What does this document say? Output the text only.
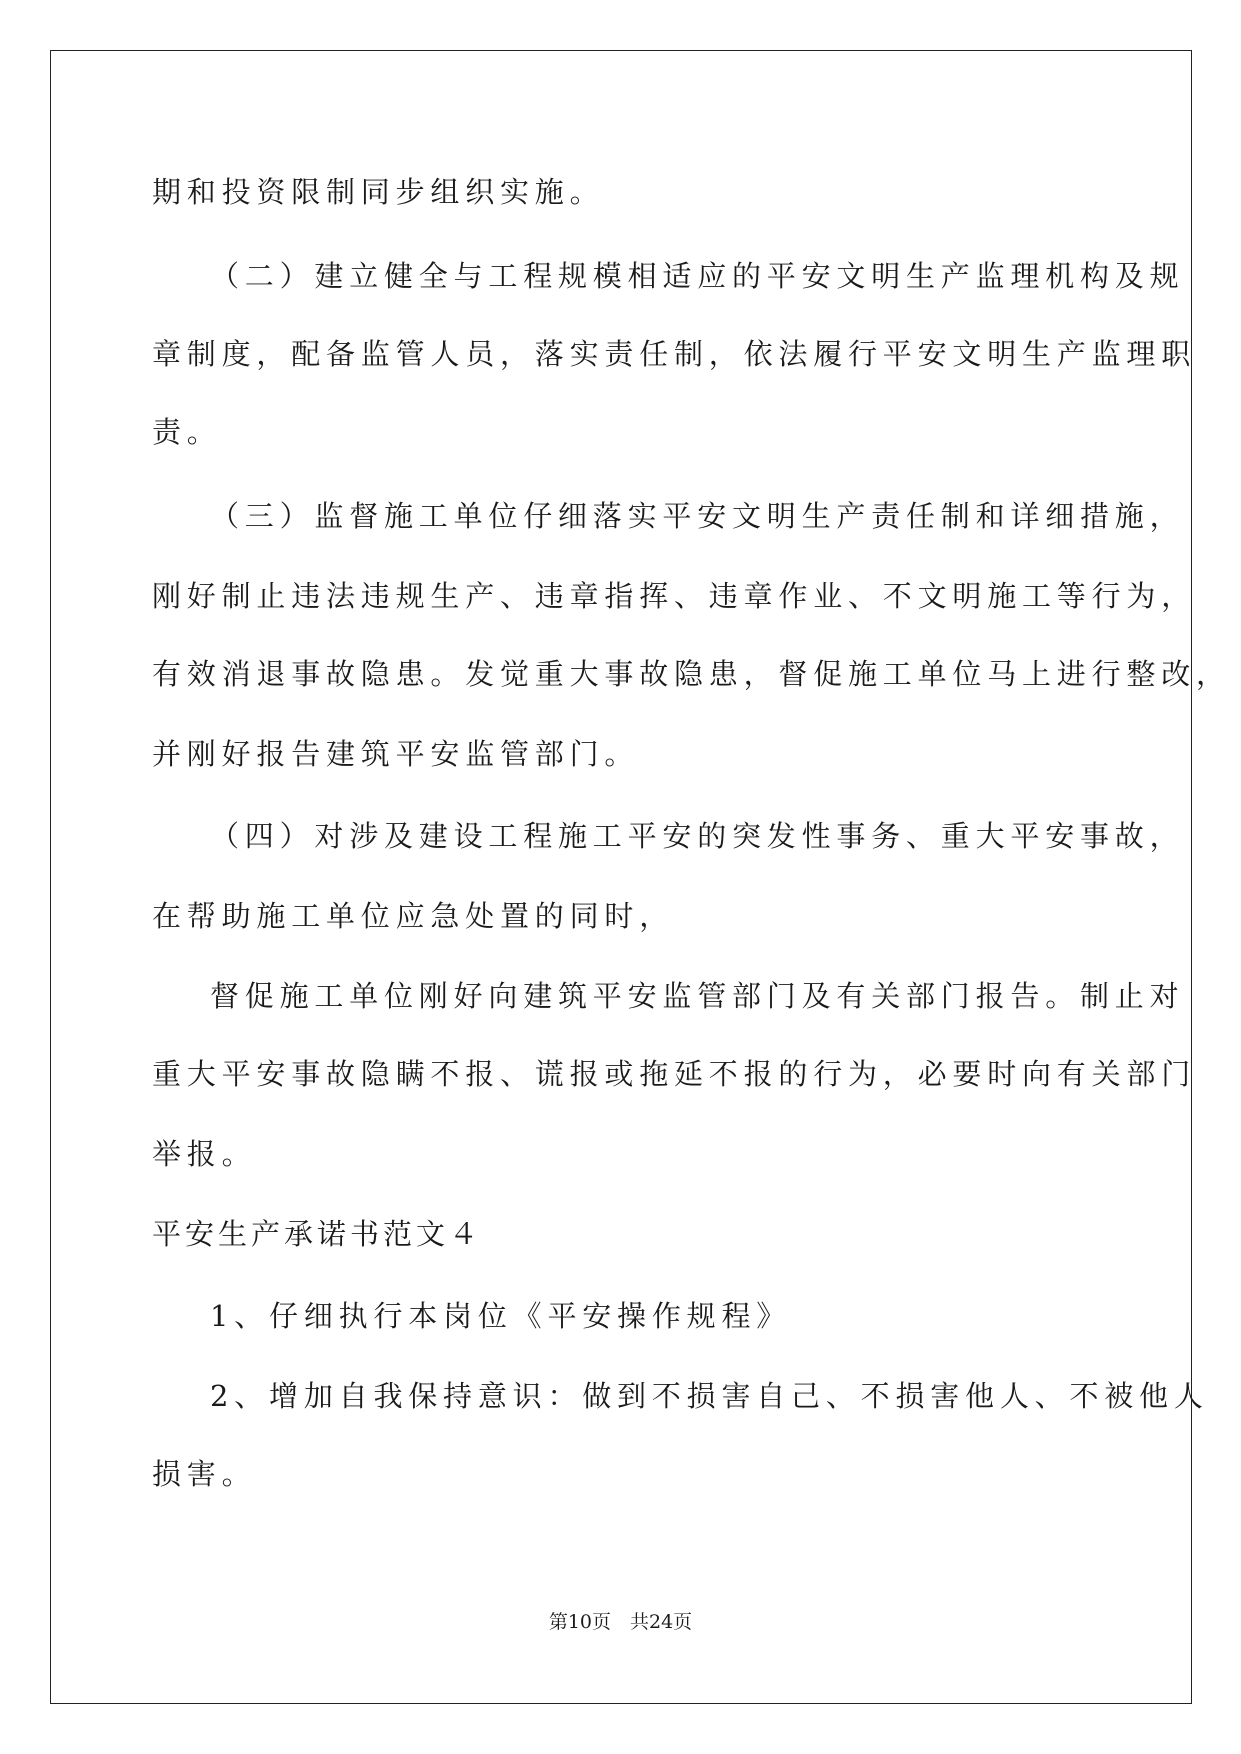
期和投资限制同步组织实施。
（二）建立健全与工程规模相适应的平安文明生产监理机构及规
章制度，配备监管人员，落实责任制，依法履行平安文明生产监理职
责。
（三）监督施工单位仔细落实平安文明生产责任制和详细措施，
刚好制止违法违规生产、违章指挥、违章作业、不文明施工等行为，
有效消退事故隐患。发觉重大事故隐患，督促施工单位马上进行整改，
并刚好报告建筑平安监管部门。
（四）对涉及建设工程施工平安的突发性事务、重大平安事故，
在帮助施工单位应急处置的同时，
督促施工单位刚好向建筑平安监管部门及有关部门报告。制止对
重大平安事故隐瞒不报、谎报或拖延不报的行为，必要时向有关部门
举报。
平安生产承诺书范文４
1、仔细执行本岗位《平安操作规程》
2、增加自我保持意识：做到不损害自己、不损害他人、不被他人
损害。
第10页　共24页
